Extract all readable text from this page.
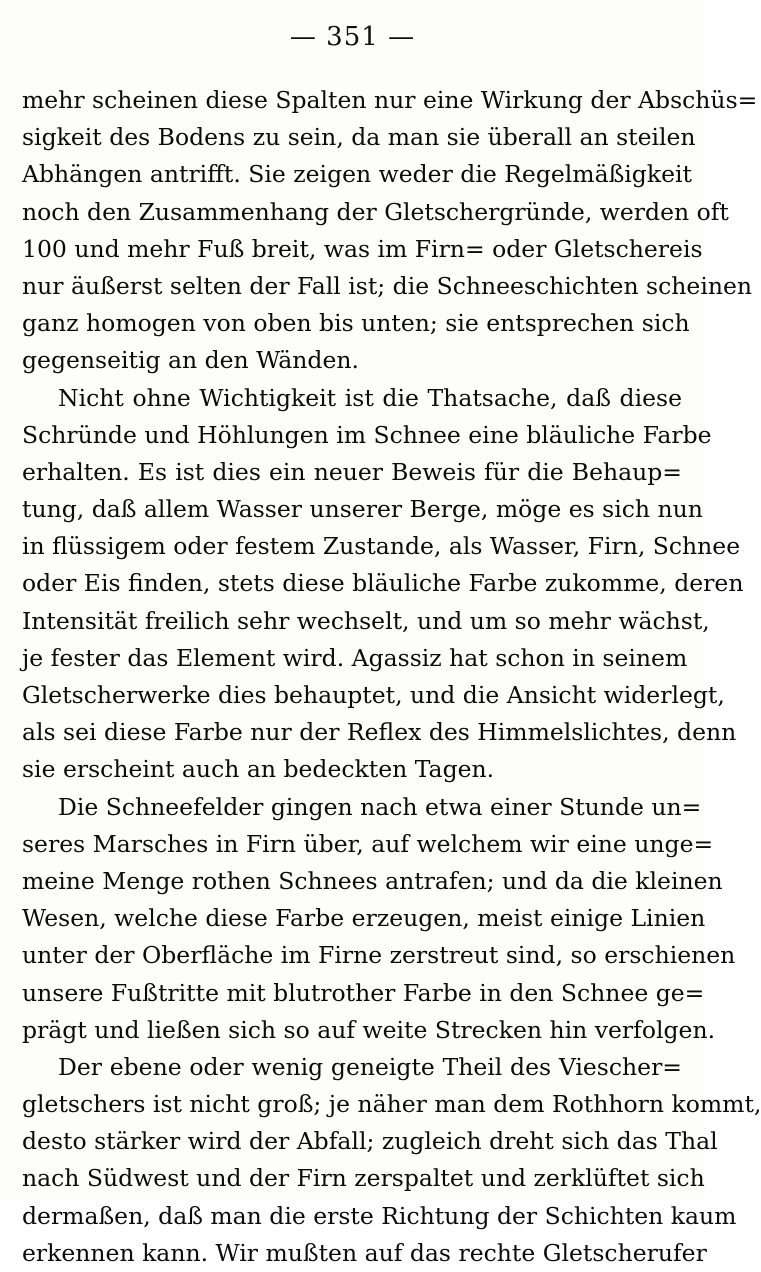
— 351 —
mehr scheinen diese Spalten nur eine Wirkung der Abschüs=
sigkeit des Bodens zu sein, da man sie überall an steilen
Abhängen antrifft. Sie zeigen weder die Regelmäßigkeit
noch den Zusammenhang der Gletschergründe, werden oft
100 und mehr Fuß breit, was im Firn= oder Gletschereis
nur äußerst selten der Fall ist; die Schneeschichten scheinen
ganz homogen von oben bis unten; sie entsprechen sich
gegenseitig an den Wänden.
Nicht ohne Wichtigkeit ist die Thatsache, daß diese
Schründe und Höhlungen im Schnee eine bläuliche Farbe
erhalten. Es ist dies ein neuer Beweis für die Behaup=
tung, daß allem Wasser unserer Berge, möge es sich nun
in flüssigem oder festem Zustande, als Wasser, Firn, Schnee
oder Eis finden, stets diese bläuliche Farbe zukomme, deren
Intensität freilich sehr wechselt, und um so mehr wächst,
je fester das Element wird. Agassiz hat schon in seinem
Gletscherwerke dies behauptet, und die Ansicht widerlegt,
als sei diese Farbe nur der Reflex des Himmelslichtes, denn
sie erscheint auch an bedeckten Tagen.
Die Schneefelder gingen nach etwa einer Stunde un=
seres Marsches in Firn über, auf welchem wir eine unge=
meine Menge rothen Schnees antrafen; und da die kleinen
Wesen, welche diese Farbe erzeugen, meist einige Linien
unter der Oberfläche im Firne zerstreut sind, so erschienen
unsere Fußtritte mit blutrother Farbe in den Schnee ge=
prägt und ließen sich so auf weite Strecken hin verfolgen.
Der ebene oder wenig geneigte Theil des Viescher=
gletschers ist nicht groß; je näher man dem Rothhorn kommt,
desto stärker wird der Abfall; zugleich dreht sich das Thal
nach Südwest und der Firn zerspaltet und zerklüftet sich
dermaßen, daß man die erste Richtung der Schichten kaum
erkennen kann. Wir mußten auf das rechte Gletscherufer
